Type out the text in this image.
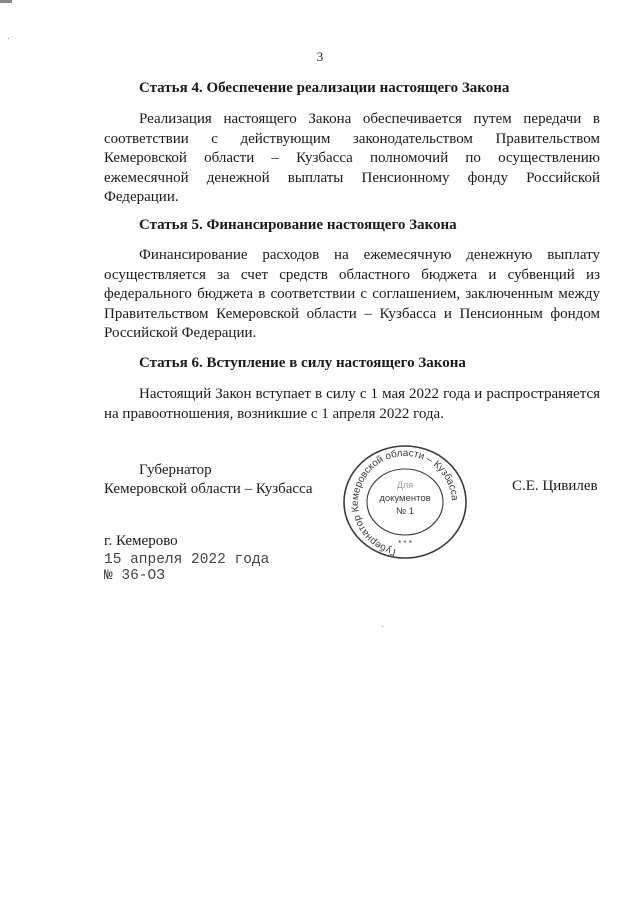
3
Статья 4. Обеспечение реализации настоящего Закона

Реализация настоящего Закона обеспечивается путем передачи в соответствии с действующим законодательством Правительством Кемеровской области – Кузбасса полномочий по осуществлению ежемесячной денежной выплаты Пенсионному фонду Российской Федерации.

Статья 5. Финансирование настоящего Закона

Финансирование расходов на ежемесячную денежную выплату осуществляется за счет средств областного бюджета и субвенций из федерального бюджета в соответствии с соглашением, заключенным между Правительством Кемеровской области – Кузбасса и Пенсионным фондом Российской Федерации.

Статья 6. Вступление в силу настоящего Закона

Настоящий Закон вступает в силу с 1 мая 2022 года и распространяется на правоотношения, возникшие с 1 апреля 2022 года.

Губернатор
Кемеровской области – Кузбасса	С.Е. Цивилев
г. Кемерово
15 апреля 2022 года
№ 36-ОЗ
Губернатор Кемеровской области – Кузбасса
Для
документов
№ 1
* * *
